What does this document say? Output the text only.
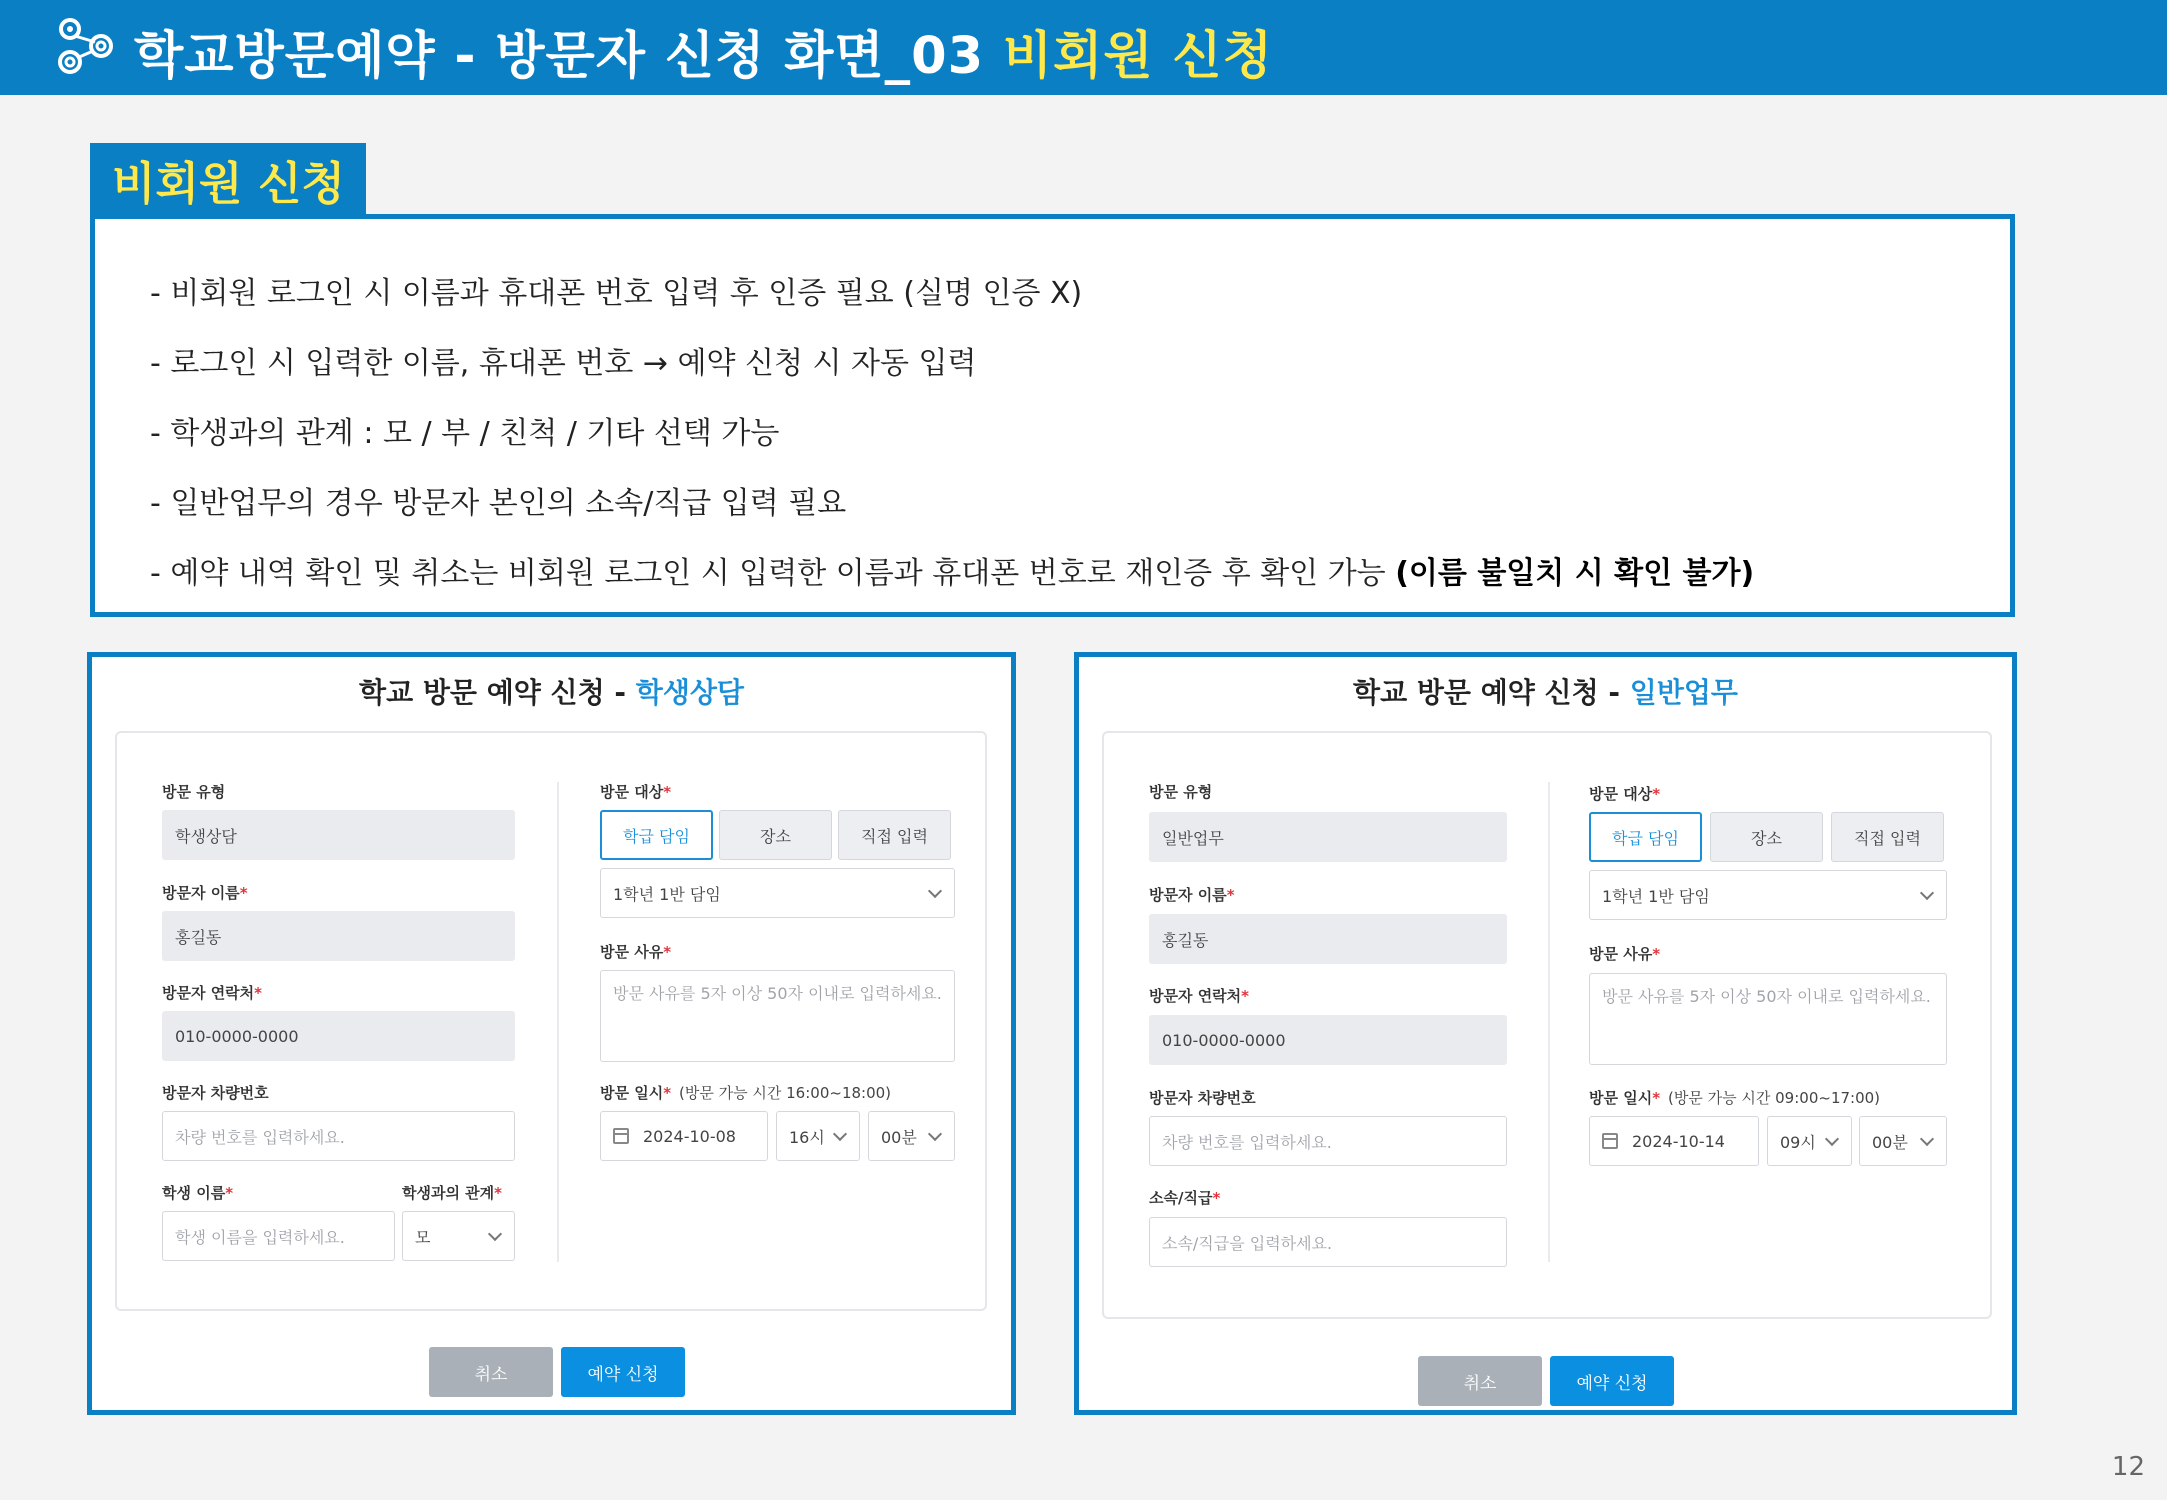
학교방문예약 - 방문자 신청 화면_03 비회원 신청
비회원 신청
- 비회원 로그인 시 이름과 휴대폰 번호 입력 후 인증 필요 (실명 인증 X)
- 로그인 시 입력한 이름, 휴대폰 번호 → 예약 신청 시 자동 입력
- 학생과의 관계 : 모 / 부 / 친척 / 기타 선택 가능
- 일반업무의 경우 방문자 본인의 소속/직급 입력 필요
- 예약 내역 확인 및 취소는 비회원 로그인 시 입력한 이름과 휴대폰 번호로 재인증 후 확인 가능 (이름 불일치 시 확인 불가)
학교 방문 예약 신청 - 학생상담
방문 유형
학생상담
방문자 이름*
홍길동
방문자 연락처*
010-0000-0000
방문자 차량번호
차량 번호를 입력하세요.
학생 이름*
학생 이름을 입력하세요.
학생과의 관계*
모
방문 대상*
학급 담임	장소	직접 입력
1학년 1반 담임
방문 사유*
방문 사유를 5자 이상 50자 이내로 입력하세요.
방문 일시* (방문 가능 시간 16:00~18:00)
2024-10-08	16시	00분
취소	예약 신청
학교 방문 예약 신청 - 일반업무
방문 유형
일반업무
방문자 이름*
홍길동
방문자 연락처*
010-0000-0000
방문자 차량번호
차량 번호를 입력하세요.
소속/직급*
소속/직급을 입력하세요.
방문 대상*
학급 담임	장소	직접 입력
1학년 1반 담임
방문 사유*
방문 사유를 5자 이상 50자 이내로 입력하세요.
방문 일시* (방문 가능 시간 09:00~17:00)
2024-10-14	09시	00분
취소	예약 신청
12
